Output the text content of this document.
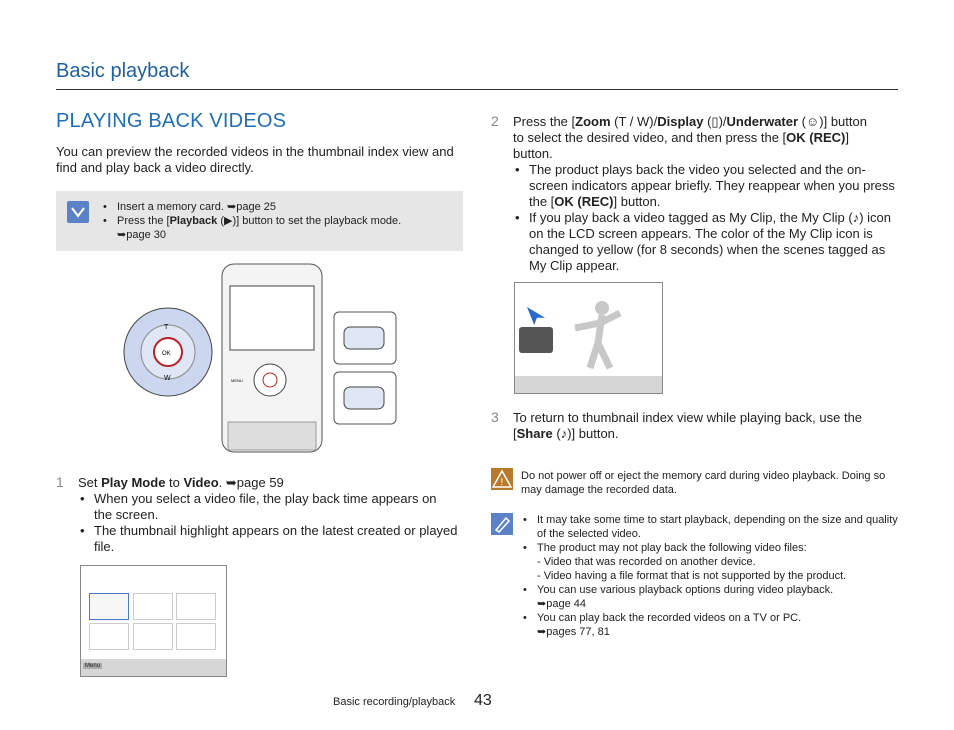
Basic playback
PLAYING BACK VIDEOS
You can preview the recorded videos in the thumbnail index view and find and play back a video directly.
• Insert a memory card. ➥page 25
• Press the [Playback (▶)] button to set the playback mode.
➥page 30
T
W
OK
MENU
1 Set Play Mode to Video. ➥page 59
• When you select a video file, the play back time appears on the screen.
• The thumbnail highlight appears on the latest created or played file.
Menu
2 Press the [Zoom (T / W)/Display (▯)/Underwater (☺)] button
to select the desired video, and then press the [OK (REC)]
button.
• The product plays back the video you selected and the on-screen indicators appear briefly. They reappear when you press the [OK (REC)] button.
• If you play back a video tagged as My Clip, the My Clip (♪) icon on the LCD screen appears. The color of the My Clip icon is changed to yellow (for 8 seconds) when the scenes tagged as My Clip appear.
3 To return to thumbnail index view while playing back, use the
[Share (♪)] button.
!
Do not power off or eject the memory card during video playback. Doing so may damage the recorded data.
• It may take some time to start playback, depending on the size and quality of the selected video.
• The product may not play back the following video files:
- Video that was recorded on another device.
- Video having a file format that is not supported by the product.
• You can use various playback options during video playback.
➥page 44
• You can play back the recorded videos on a TV or PC.
➥pages 77, 81
Basic recording/playback 43
